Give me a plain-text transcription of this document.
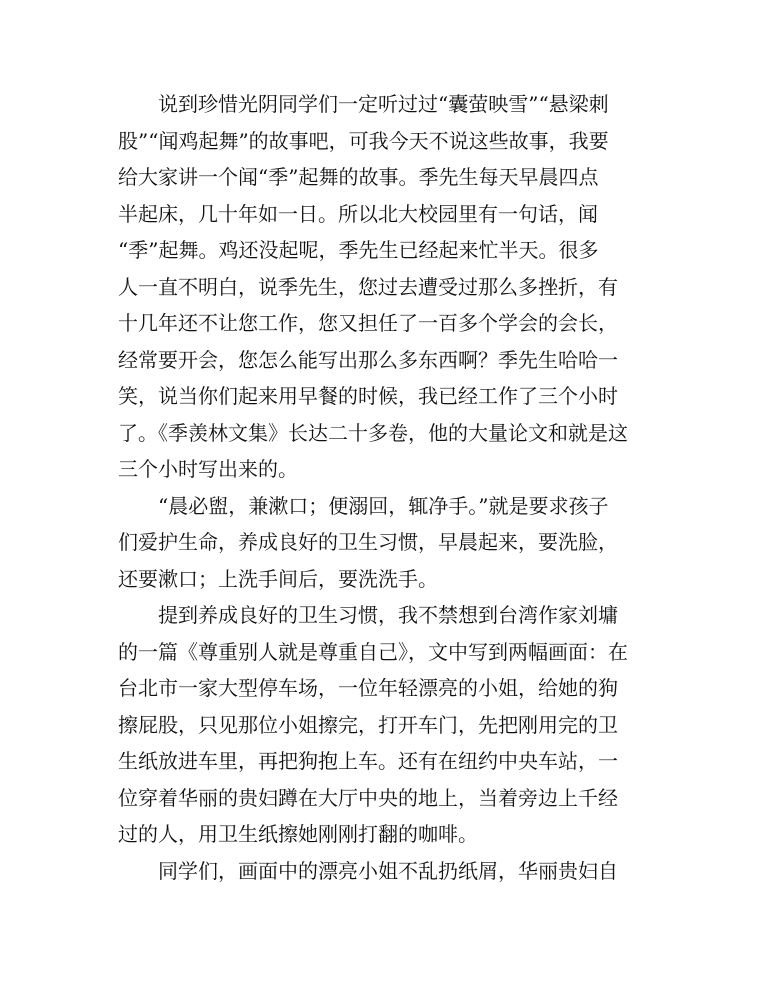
　　说到珍惜光阴同学们一定听过过“囊萤映雪”“悬梁刺
股”“闻鸡起舞”的故事吧，可我今天不说这些故事，我要
给大家讲一个闻“季”起舞的故事。季先生每天早晨四点
半起床，几十年如一日。所以北大校园里有一句话，闻
“季”起舞。鸡还没起呢，季先生已经起来忙半天。很多
人一直不明白，说季先生，您过去遭受过那么多挫折，有
十几年还不让您工作，您又担任了一百多个学会的会长，
经常要开会，您怎么能写出那么多东西啊？季先生哈哈一
笑，说当你们起来用早餐的时候，我已经工作了三个小时
了。《季羡林文集》长达二十多卷，他的大量论文和就是这
三个小时写出来的。
　　“晨必盥，兼漱口；便溺回，辄净手。”就是要求孩子
们爱护生命，养成良好的卫生习惯，早晨起来，要洗脸，
还要漱口；上洗手间后，要洗洗手。
　　提到养成良好的卫生习惯，我不禁想到台湾作家刘墉
的一篇《尊重别人就是尊重自己》，文中写到两幅画面：在
台北市一家大型停车场，一位年轻漂亮的小姐，给她的狗
擦屁股，只见那位小姐擦完，打开车门，先把刚用完的卫
生纸放进车里，再把狗抱上车。还有在纽约中央车站，一
位穿着华丽的贵妇蹲在大厅中央的地上，当着旁边上千经
过的人，用卫生纸擦她刚刚打翻的咖啡。
　　同学们，画面中的漂亮小姐不乱扔纸屑，华丽贵妇自
